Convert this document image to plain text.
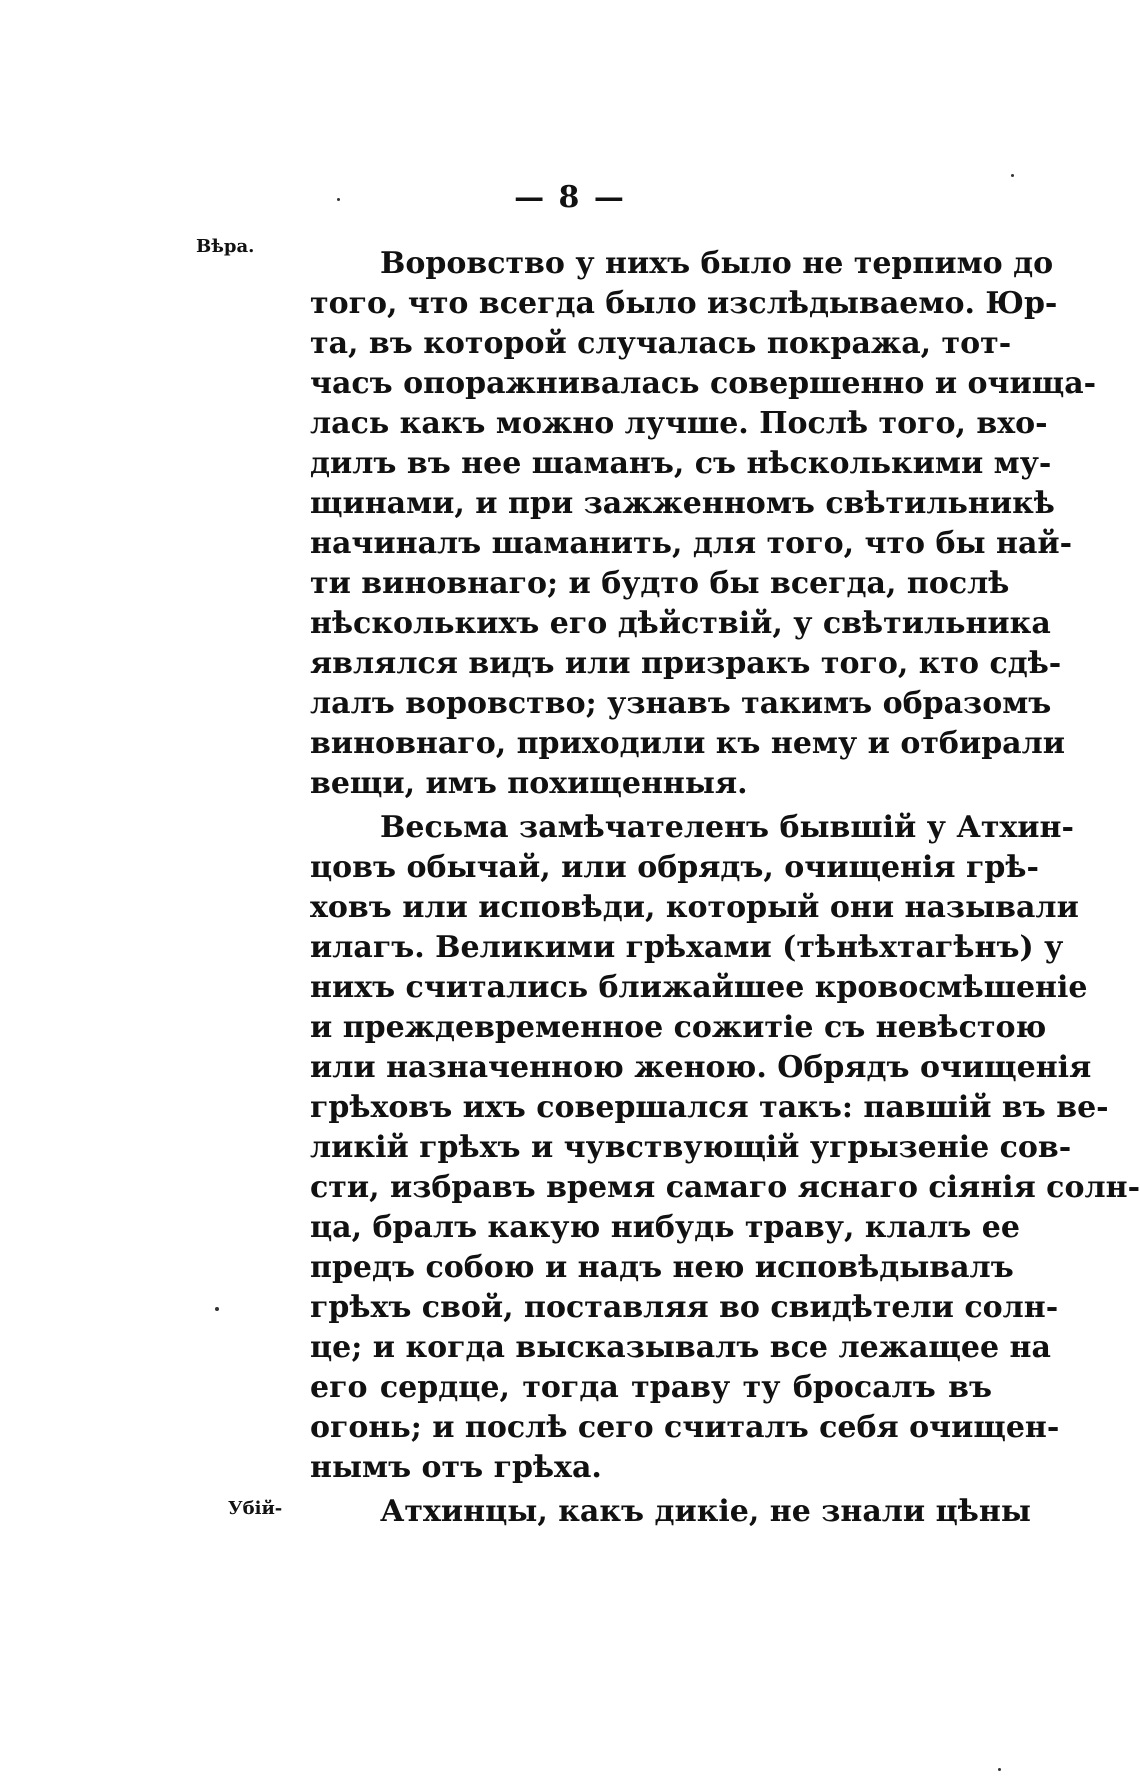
— 8 —
Вѣра.
Убій-
Воровство у нихъ было не терпимо до
того, что всегда было изслѣдываемо. Юр-
та, въ которой случалась покража, тот-
часъ опоражнивалась совершенно и очища-
лась какъ можно лучше. Послѣ того, вхо-
дилъ въ нее шаманъ, съ нѣсколькими му-
щинами, и при зажженномъ свѣтильникѣ
начиналъ шаманить, для того, что бы най-
ти виновнаго; и будто бы всегда, послѣ
нѣсколькихъ его дѣйствій, у свѣтильника
являлся видъ или призракъ того, кто сдѣ-
лалъ воровство; узнавъ такимъ образомъ
виновнаго, приходили къ нему и отбирали
вещи, имъ похищенныя.
Весьма замѣчателенъ бывшій у Атхин-
цовъ обычай, или обрядъ, очищенія грѣ-
ховъ или исповѣди, который они называли
илагъ. Великими грѣхами (тѣнѣхтагѣнъ) у
нихъ считались ближайшее кровосмѣшеніе
и преждевременное сожитіе съ невѣстою
или назначенною женою. Обрядъ очищенія
грѣховъ ихъ совершался такъ: павшій въ ве-
ликій грѣхъ и чувствующій угрызеніе сов-
сти, избравъ время самаго яснаго сіянія солн-
ца, бралъ какую нибудь траву, клалъ ее
предъ собою и надъ нею исповѣдывалъ
грѣхъ свой, поставляя во свидѣтели солн-
це; и когда высказывалъ все лежащее на
его сердце, тогда траву ту бросалъ въ
огонь; и послѣ сего считалъ себя очищен-
нымъ отъ грѣха.
Атхинцы, какъ дикіе, не знали цѣны
